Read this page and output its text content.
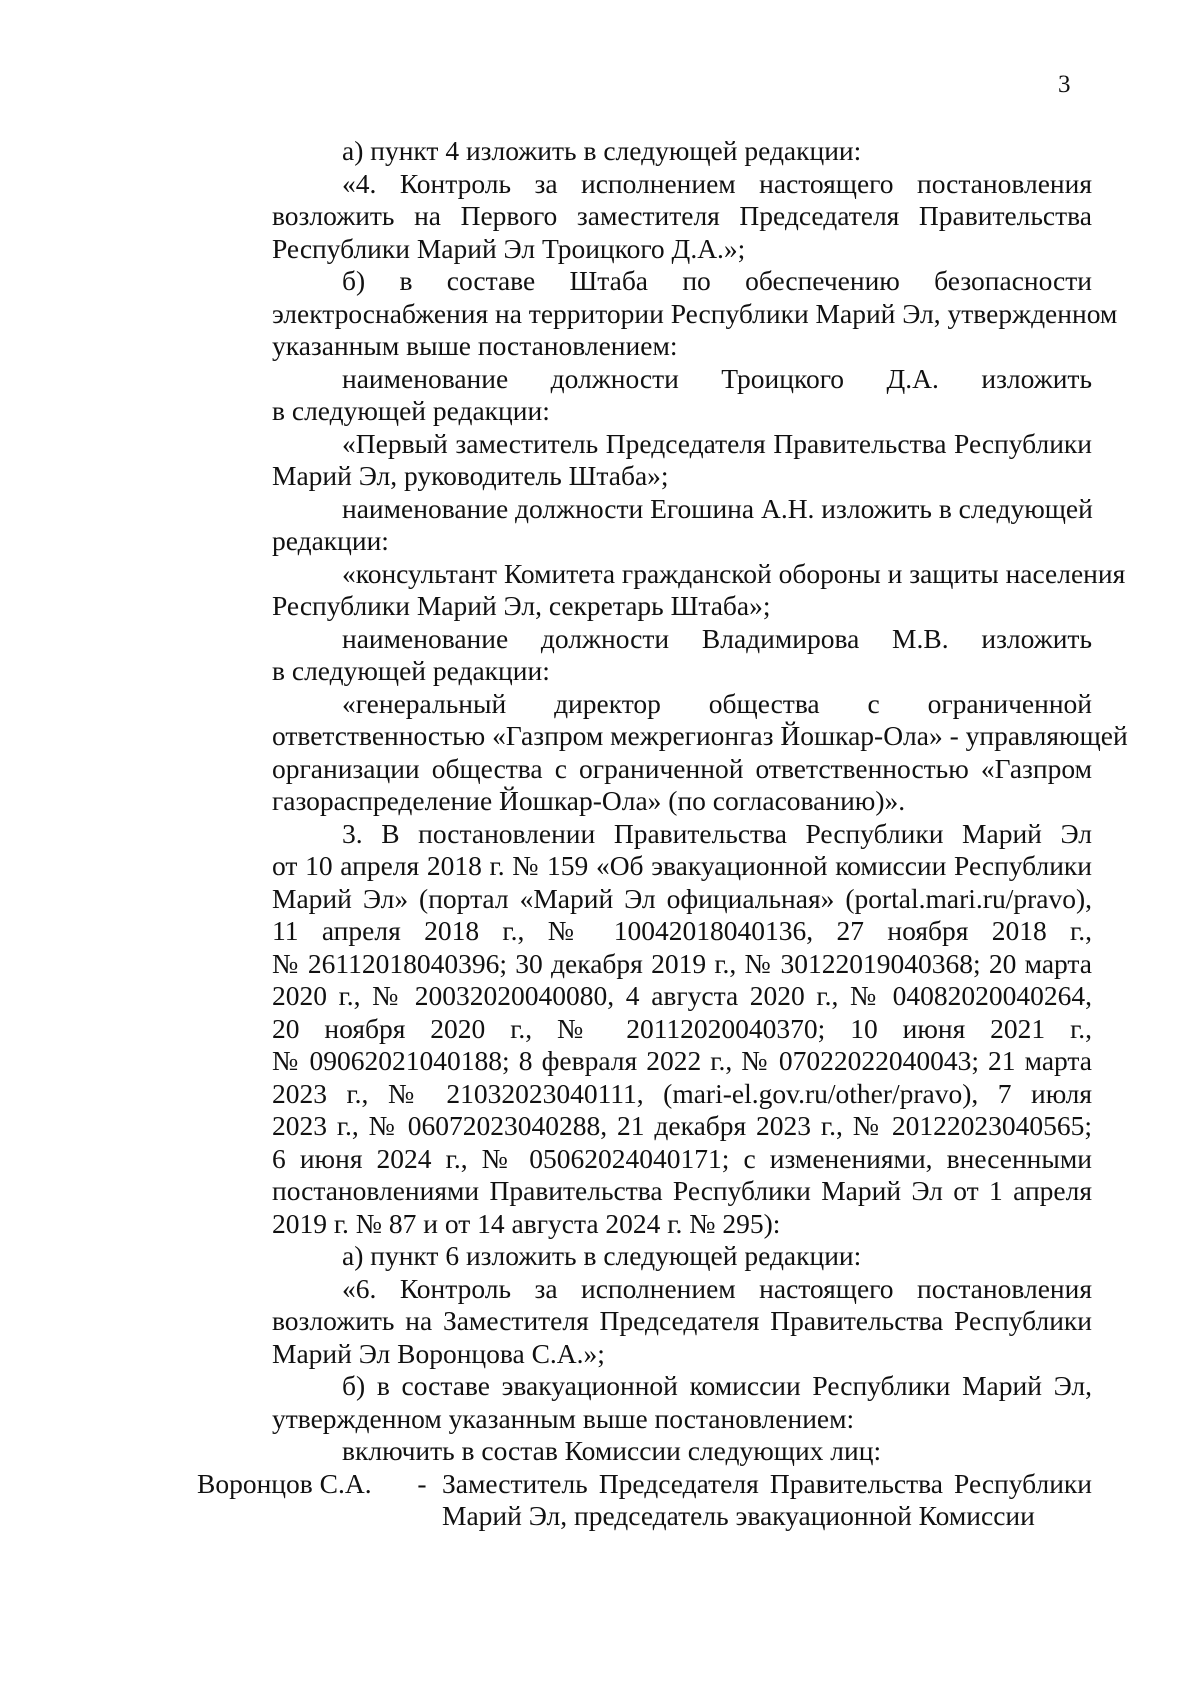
3
а) пункт 4 изложить в следующей редакции:
«4. Контроль за исполнением настоящего постановления
возложить на Первого заместителя Председателя Правительства
Республики Марий Эл Троицкого Д.А.»;
б) в составе Штаба по обеспечению безопасности
электроснабжения на территории Республики Марий Эл, утвержденном
указанным выше постановлением:
наименование должности Троицкого Д.А. изложить
в следующей редакции:
«Первый заместитель Председателя Правительства Республики
Марий Эл, руководитель Штаба»;
наименование должности Егошина А.Н. изложить в следующей
редакции:
«консультант Комитета гражданской обороны и защиты населения
Республики Марий Эл, секретарь Штаба»;
наименование должности Владимирова М.В. изложить
в следующей редакции:
«генеральный директор общества с ограниченной
ответственностью «Газпром межрегионгаз Йошкар-Ола» - управляющей
организации общества с ограниченной ответственностью «Газпром
газораспределение Йошкар-Ола» (по согласованию)».
3. В постановлении Правительства Республики Марий Эл
от 10 апреля 2018 г. № 159 «Об эвакуационной комиссии Республики
Марий Эл» (портал «Марий Эл официальная» (portal.mari.ru/pravo),
11 апреля 2018 г., № 10042018040136, 27 ноября 2018 г.,
№ 26112018040396; 30 декабря 2019 г., № 30122019040368; 20 марта
2020 г., № 20032020040080, 4 августа 2020 г., № 04082020040264,
20 ноября 2020 г., № 20112020040370; 10 июня 2021 г.,
№ 09062021040188; 8 февраля 2022 г., № 07022022040043; 21 марта
2023 г., № 21032023040111, (mari-el.gov.ru/other/pravo), 7 июля
2023 г., № 06072023040288, 21 декабря 2023 г., № 20122023040565;
6 июня 2024 г., № 05062024040171; с изменениями, внесенными
постановлениями Правительства Республики Марий Эл от 1 апреля
2019 г. № 87 и от 14 августа 2024 г. № 295):
а) пункт 6 изложить в следующей редакции:
«6. Контроль за исполнением настоящего постановления
возложить на Заместителя Председателя Правительства Республики
Марий Эл Воронцова С.А.»;
б) в составе эвакуационной комиссии Республики Марий Эл,
утвержденном указанным выше постановлением:
включить в состав Комиссии следующих лиц:
Воронцов С.А.	- Заместитель Председателя Правительства Республики Марий Эл, председатель эвакуационной Комиссии
